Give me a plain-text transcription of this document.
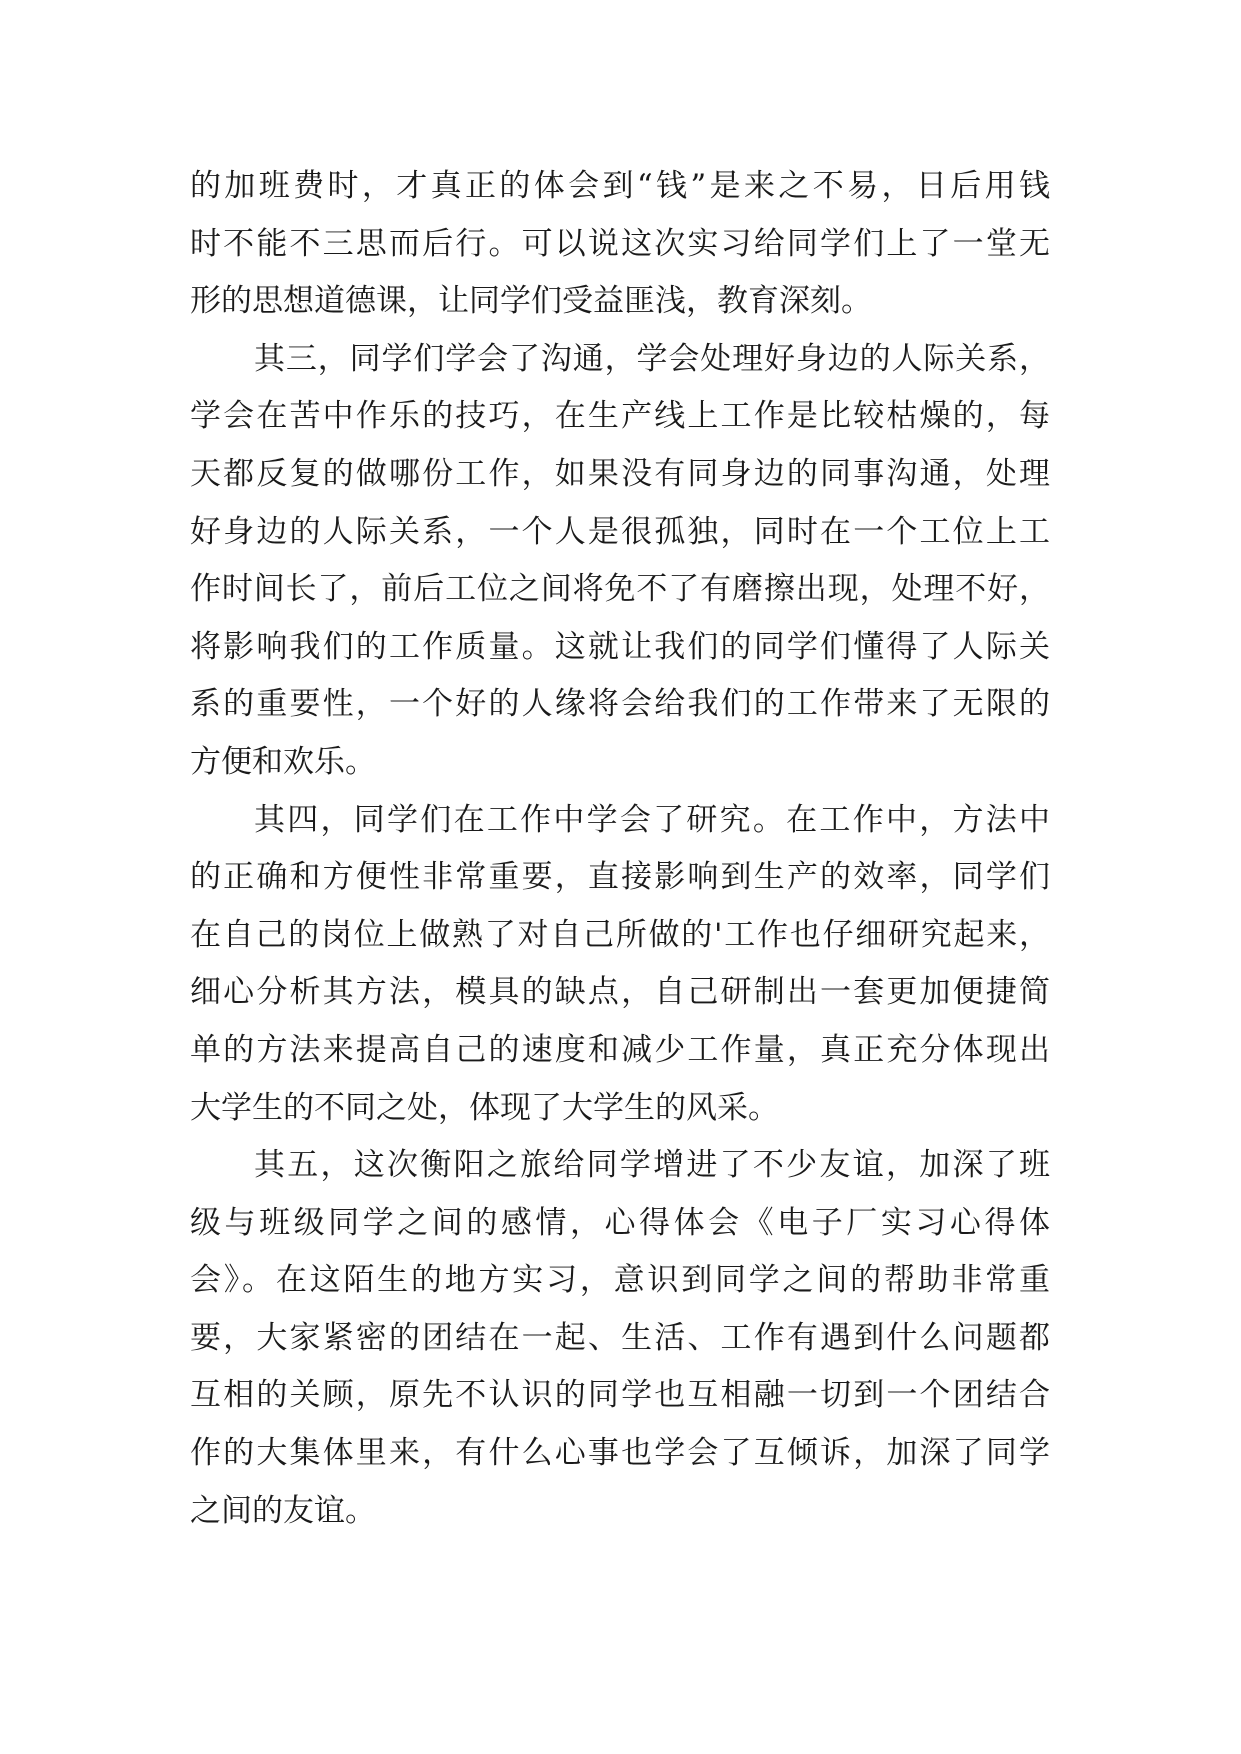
的加班费时，才真正的体会到“钱”是来之不易，日后用钱
时不能不三思而后行。可以说这次实习给同学们上了一堂无
形的思想道德课，让同学们受益匪浅，教育深刻。
其三，同学们学会了沟通，学会处理好身边的人际关系，
学会在苦中作乐的技巧，在生产线上工作是比较枯燥的，每
天都反复的做哪份工作，如果没有同身边的同事沟通，处理
好身边的人际关系，一个人是很孤独，同时在一个工位上工
作时间长了，前后工位之间将免不了有磨擦出现，处理不好，
将影响我们的工作质量。这就让我们的同学们懂得了人际关
系的重要性，一个好的人缘将会给我们的工作带来了无限的
方便和欢乐。
其四，同学们在工作中学会了研究。在工作中，方法中
的正确和方便性非常重要，直接影响到生产的效率，同学们
在自己的岗位上做熟了对自己所做的'工作也仔细研究起来，
细心分析其方法，模具的缺点，自己研制出一套更加便捷简
单的方法来提高自己的速度和减少工作量，真正充分体现出
大学生的不同之处，体现了大学生的风采。
其五，这次衡阳之旅给同学增进了不少友谊，加深了班
级与班级同学之间的感情，心得体会《电子厂实习心得体
会》。在这陌生的地方实习，意识到同学之间的帮助非常重
要，大家紧密的团结在一起、生活、工作有遇到什么问题都
互相的关顾，原先不认识的同学也互相融一切到一个团结合
作的大集体里来，有什么心事也学会了互倾诉，加深了同学
之间的友谊。
